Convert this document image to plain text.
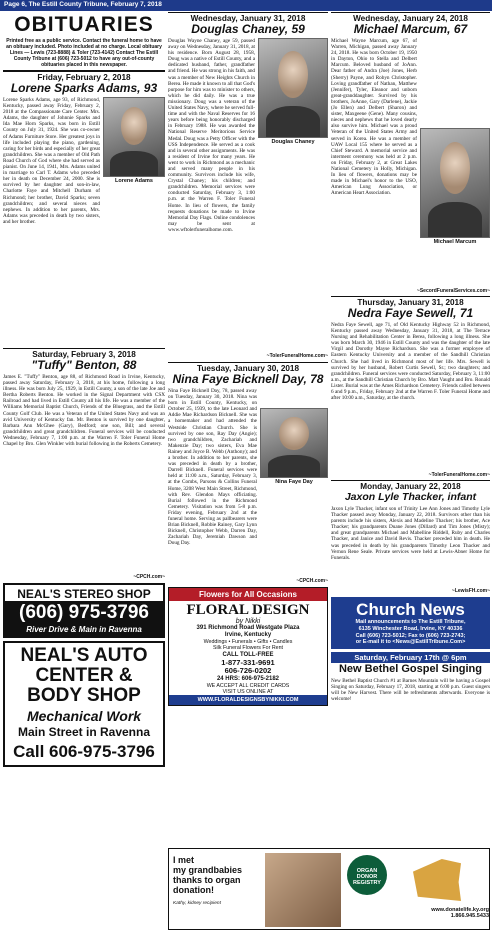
Page 6, The Estill County Tribune, February 7, 2018
OBITUARIES
Printed free as a public service. Contact the funeral home to have an obituary included. Photo included at no charge. Local obituary Lines — Lewis (723-8888) & Toler (723-4142) Contact The Estill County Tribune at (606) 723-5012 to have any out-of-county obituaries placed in this newspaper.
Friday, February 2, 2018
Lorene Sparks Adams, 93
Lorene Adams
Lorene Sparks Adams, age 93, of Richmond, Kentucky, passed away Friday, February 2, 2018 at the Compassionate Care Center. Mrs. Adams, the daughter of Johnnie Sparks and Ida Mae Horn Sparks, was born in Estill County on July 31, 1924. She was co-owner of Adams Furniture Store. Her greatest joys in life included playing the piano, gardening, caring for her birds and especially of her great grandchildren. She was a member of Old Path Road Church of God where she had served as pianist. On June 14, 1941, Mrs. Adams united in marriage to Carl T. Adams who preceded her in death on December 24, 2000. She is survived by her daughter and son-in-law, Charlotte Faye and Mitchell Durham of Richmond; her brother, David Sparks; seven grandchildren; and several nieces and nephews. In addition to her parents, Mrs. Adams was preceded in death by two sisters, and her brother.
Saturday, February 3, 2018
"Tuffy" Benton, 88
James E. "Tuffy" Benton, age 88, of Richmond Road in Irvine, Kentucky, passed away Saturday, February 3, 2018, at his home, following a long illness. He was born July 25, 1929, in Estill County, a son of the late Joe and Bertha Roberts Benton. He worked in the Signal Department with CSX Railroad and had lived in Estill County all his life. He was a member of the Williams Memorial Baptist Church, Friends of the Bluegrass, and the Estill County Golf Club. He was a Veteran of the United States Navy and was an avid University of Kentucky fan. Mr. Benton is survived by one daughter, Barbara Ann McGhee (Gary), Bedford; one son, Bill; and several grandchildren and great grandchildren. Funeral services will be conducted Wednesday, February 7, 1:00 p.m. at the Warren F. Toler Funeral Home Chapel by Bro. Glen Winkler with burial following in the Roberts Cemetery.
~CPCH.com~
NEAL'S STEREO SHOP
(606) 975-3796
River Drive & Main in Ravenna
NEAL'S AUTO
CENTER &
BODY SHOP
Mechanical Work
Main Street in Ravenna
Call 606-975-3796
Wednesday, January 31, 2018
Douglas Chaney, 59
Douglas Chaney
Douglas Wayne Chaney, age 59, passed away on Wednesday, January 31, 2018, at his residence. Born August 28, 1958, Doug was a native of Estill County, and a dedicated husband, father, grandfather and friend. He was strong in his faith, and was a member of New Heights Church in Berea. He made it known to all that God's purpose for him was to minister to others, which he did daily. He was a true missionary. Doug was a veteran of the United States Navy, where he served full-time and with the Naval Reserves for 16 years before being honorably discharged in February 1988. He was awarded the National Reserve Meritorious Service Medal. Doug was a Petty Officer with the USS Independence. He served as a cook and in several other assignments. He was a resident of Irvine for many years. He went to work in Richmond as a mechanic and served many people in his community. Survivors include his wife, Crystal Chaney; his children; and grandchildren. Memorial services were conducted Saturday, February 3, 1:00 p.m. at the Warren F. Toler Funeral Home. In lieu of flowers, the family requests donations be made to Irvine Memorial Day Flags. Online condolences may be sent at www.wftolerfuneralhome.com.
~TolerFuneralHome.com~
Tuesday, January 30, 2018
Nina Faye Bicknell Day, 78
Nina Faye Day
Nina Faye Bicknell Day, 78, passed away on Tuesday, January 30, 2018. Nina was born in Estill County, Kentucky, on October 25, 1939, to the late Leonard and Addie Mae Richardson Bicknell. She was a homemaker and had attended the Westside Christian Church. She is survived by one son, Ray Day (Angie); two grandchildren, Zachariah and Makenzie Day; two sisters, Eva Mae Rainey and Joyce B. Webb (Anthony); and a brother. In addition to her parents, she was preceded in death by a brother, Darrell Bicknell. Funeral services were held at 11:00 a.m., Saturday, February 3, at the Combs, Parsons & Collins Funeral Home, 3208 West Main Street, Richmond, with Rev. Glendon Mays officiating. Burial followed in the Richmond Cemetery. Visitation was from 5-8 p.m. Friday evening, February 2nd at the funeral home. Serving as pallbearers were Brian Bicknell, Robbie Rainey, Gary Lynn Bicknell, Christopher Webb, Darren Day, Zachariah Day, Jeremiah Dawson and Doug Day.
~CPCH.com~
Flowers for All Occasions
FLORAL DESIGN
by Nikki
391 Richmond Road Westgate Plaza
Irvine, Kentucky
Weddings • Funerals • Gifts • Candles
Silk Funeral Flowers For Rent
CALL TOLL-FREE
1-877-331-9691
606-726-0202
24 HRS: 606-975-2182
WE ACCEPT ALL CREDIT CARDS
VISIT US ONLINE AT
WWW.FLORALDESIGNSBYNIKKI.COM
Wednesday, January 24, 2018
Michael Marcum, 67
Michael Marcum
Michael Wayne Marcum, age 67, of Warren, Michigan, passed away January 24, 2018. He was born October 19, 1950 in Dayton, Ohio to Stella and Delbert Marcum. Beloved husband of JoAnn. Dear father of Andra (Joe) Jones, Herb (Sherry) Payne, and Robyn Christopher. Loving grandfather of Nathan, Matthew (Jennifer), Tyler, Eleanor and unborn great-granddaughter. Survived by his brothers, JoAnne, Gary (Darlene), Jackie (Jo Ellen) and Delbert (Sharon) and sister, Maxgeene (Gene). Many cousins, nieces and nephews that he loved dearly also survive him. Michael was a proud Veteran of the United States Army and served in Korea. He was a member of UAW Local 155 where he served as a Chief Steward. A memorial service and interment ceremony was held at 2 p.m. on Friday, February 2, at Great Lakes National Cemetery in Holly, Michigan. In lieu of flowers, donations may be made in Michael's honor to the USO, American Lung Association, or American Heart Association.
~SecordFuneralServices.com~
Thursday, January 31, 2018
Nedra Faye Sewell, 71
Nedra Faye Sewell, age 71, of Old Kentucky Highway 52 in Richmond, Kentucky passed away Wednesday, January 31, 2018, at The Terrace Nursing and Rehabilitation Center in Berea, following a long illness. She was born March 30, 1946 in Estill County and was the daughter of the late Virgil and Dorothy Mayse Richardson. She was a former employee of Eastern Kentucky University and a member of the Sandhill Christian Church. She had lived in Richmond most of her life. Mrs. Sewell is survived by her husband, Robert Curtis Sewell, Sr.; two daughters; and grandchildren. Funeral services were conducted Saturday, February 3, 11:00 a.m., at the Sandhill Christian Church by Bro. Matt Vaught and Bro. Ronald Lister. Burial was at the Ames Richardson Cemetery. Friends called between 6 and 9 p.m., Friday, February 2nd at the Warren F. Toler Funeral Home and after 10:00 a.m., Saturday, at the church.
~TolerFuneralHome.com~
Monday, January 22, 2018
Jaxon Lyle Thacker, infant
Jaxon Lyle Thacker, infant son of Trinity Lee Ann Jones and Timothy Lyle Thacker passed away Monday, January 22, 2018. Survivors other than his parents include his sisters, Alexis and Madeline Thacker; his brother, Ace Thacker; his grandparents Duane Jones (Dillard) and Tim Jones (Misty); and great grandparents Michael and Mabelline Riddell, Ruby and Charles Thacker, and Janice and David Revis. Thacker preceded him in death. He was preceded in death by his grandparents Timothy Leon Thacker and Vernon Rene Seale. Private services were held at Lewis-Abner Home for Funerals.
~LewisFH.com~
Church News
Mail announcements to The Estill Tribune,
6135 Winchester Road, Irvine, KY 40336
Call (606) 723-5012; Fax to (606) 723-2743;
or E-mail it to <News@EstillTribune.Com>
Saturday, February 17th @ 6pm
New Bethel Gospel Singing
New Bethel Baptist Church #1 at Barnes Mountain will be having a Gospel Singing on Saturday, February 17, 2018, starting at 6:00 p.m. Guest singers will be New Harvest. There will be refreshments afterwards. Everyone is welcome!
I met
my grandbabies
thanks to organ
donation!
Kathy, kidney recipient
ORGAN DONOR REGISTRY
www.donatelife.ky.org 1.866.945.5433
